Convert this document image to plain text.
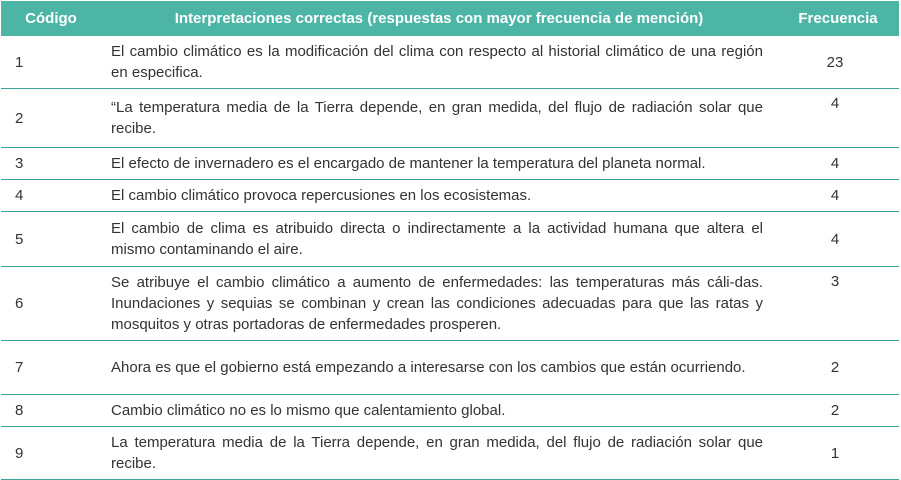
Código	Interpretaciones correctas (respuestas con mayor frecuencia de mención)	Frecuencia
1	El cambio climático es la modificación del clima con respecto al historial climático de una región en especifica.	23
2	“La temperatura media de la Tierra depende, en gran medida, del flujo de radiación solar que recibe.	4
3	El efecto de invernadero es el encargado de mantener la temperatura del planeta normal.	4
4	El cambio climático provoca repercusiones en los ecosistemas.	4
5	El cambio de clima es atribuido directa o indirectamente a la actividad humana que altera el mismo contaminando el aire.	4
6	Se atribuye el cambio climático a aumento de enfermedades: las temperaturas más cáli-das. Inundaciones y sequias se combinan y crean las condiciones adecuadas para que las ratas y mosquitos y otras portadoras de enfermedades prosperen.	3
7	Ahora es que el gobierno está empezando a interesarse con los cambios que están ocurriendo.	2
8	Cambio climático no es lo mismo que calentamiento global.	2
9	La temperatura media de la Tierra depende, en gran medida, del flujo de radiación solar que recibe.	1
